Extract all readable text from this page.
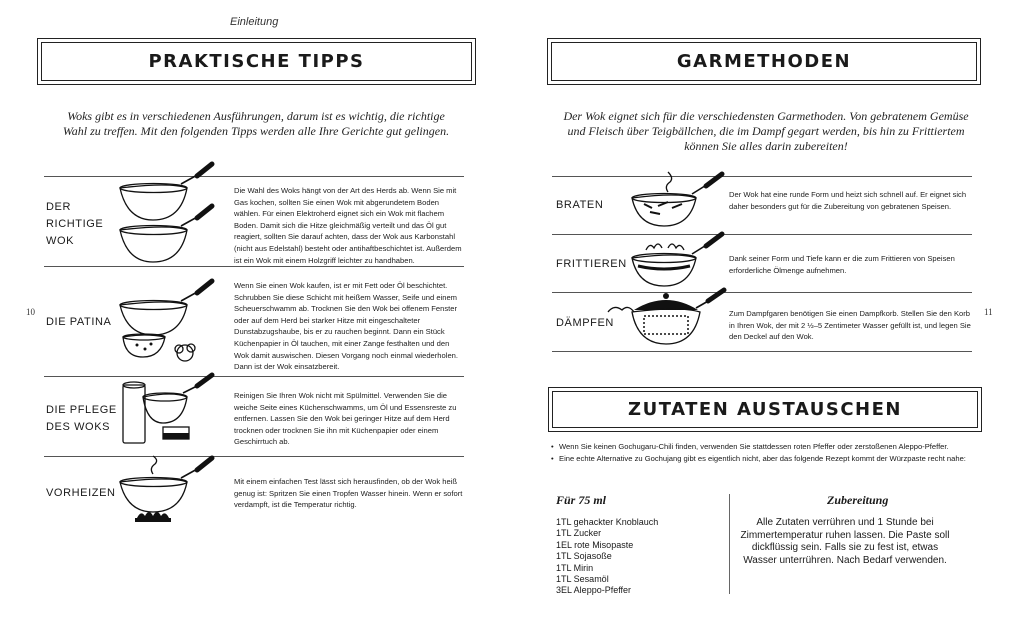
Einleitung
PRAKTISCHE TIPPS
Woks gibt es in verschiedenen Ausführungen, darum ist es wichtig, die richtige Wahl zu treffen. Mit den folgenden Tipps werden alle Ihre Gerichte gut gelingen.
DER RICHTIGE WOK
Die Wahl des Woks hängt von der Art des Herds ab. Wenn Sie mit Gas kochen, sollten Sie einen Wok mit abgerundetem Boden wählen. Für einen Elektroherd eignet sich ein Wok mit flachem Boden. Damit sich die Hitze gleichmäßig verteilt und das Öl gut reagiert, sollten Sie darauf achten, dass der Wok aus Karbonstahl (nicht aus Edelstahl) besteht oder antihaftbeschichtet ist. Außerdem ist ein Wok mit einem Holzgriff leichter zu handhaben.
DIE PATINA
Wenn Sie einen Wok kaufen, ist er mit Fett oder Öl beschichtet. Schrubben Sie diese Schicht mit heißem Wasser, Seife und einem Scheuerschwamm ab. Trocknen Sie den Wok bei offenem Fenster oder auf dem Herd bei starker Hitze mit eingeschalteter Dunstabzugshaube, bis er zu rauchen beginnt. Dann ein Stück Küchenpapier in Öl tauchen, mit einer Zange festhalten und den Wok damit auswischen. Diesen Vorgang noch einmal wiederholen. Dann ist der Wok einsatzbereit.
DIE PFLEGE DES WOKS
Reinigen Sie Ihren Wok nicht mit Spülmittel. Verwenden Sie die weiche Seite eines Küchenschwamms, um Öl und Essensreste zu entfernen. Lassen Sie den Wok bei geringer Hitze auf dem Herd trocknen oder trocknen Sie ihn mit Küchenpapier oder einem Geschirrtuch ab.
VORHEIZEN
Mit einem einfachen Test lässt sich herausfinden, ob der Wok heiß genug ist: Spritzen Sie einen Tropfen Wasser hinein. Wenn er sofort verdampft, ist die Temperatur richtig.
10
GARMETHODEN
Der Wok eignet sich für die verschiedensten Garmethoden. Von gebratenem Gemüse und Fleisch über Teigbällchen, die im Dampf gegart werden, bis hin zu Frittiertem können Sie alles darin zubereiten!
BRATEN
Der Wok hat eine runde Form und heizt sich schnell auf. Er eignet sich daher besonders gut für die Zubereitung von gebratenen Speisen.
FRITTIEREN	Dank seiner Form und Tiefe kann er die zum Frittieren von Speisen erforderliche Ölmenge aufnehmen.
DÄMPFEN
Zum Dampfgaren benötigen Sie einen Dampfkorb. Stellen Sie den Korb in Ihren Wok, der mit 2 ½–5 Zentimeter Wasser gefüllt ist, und legen Sie den Deckel auf den Wok.
11
ZUTATEN AUSTAUSCHEN
• Wenn Sie keinen Gochugaru-Chili finden, verwenden Sie stattdessen roten Pfeffer oder zerstoßenen Aleppo-Pfeffer.
• Eine echte Alternative zu Gochujang gibt es eigentlich nicht, aber das folgende Rezept kommt der Würzpaste recht nahe:
Für 75 ml
1TL gehackter Knoblauch
1TL Zucker
1EL rote Misopaste
1TL Sojasoße
1TL Mirin
1TL Sesamöl
3EL Aleppo-Pfeffer
Zubereitung
Alle Zutaten verrühren und 1 Stunde bei Zimmertemperatur ruhen lassen. Die Paste soll dickflüssig sein. Falls sie zu fest ist, etwas Wasser unterrühren. Nach Bedarf verwenden.
